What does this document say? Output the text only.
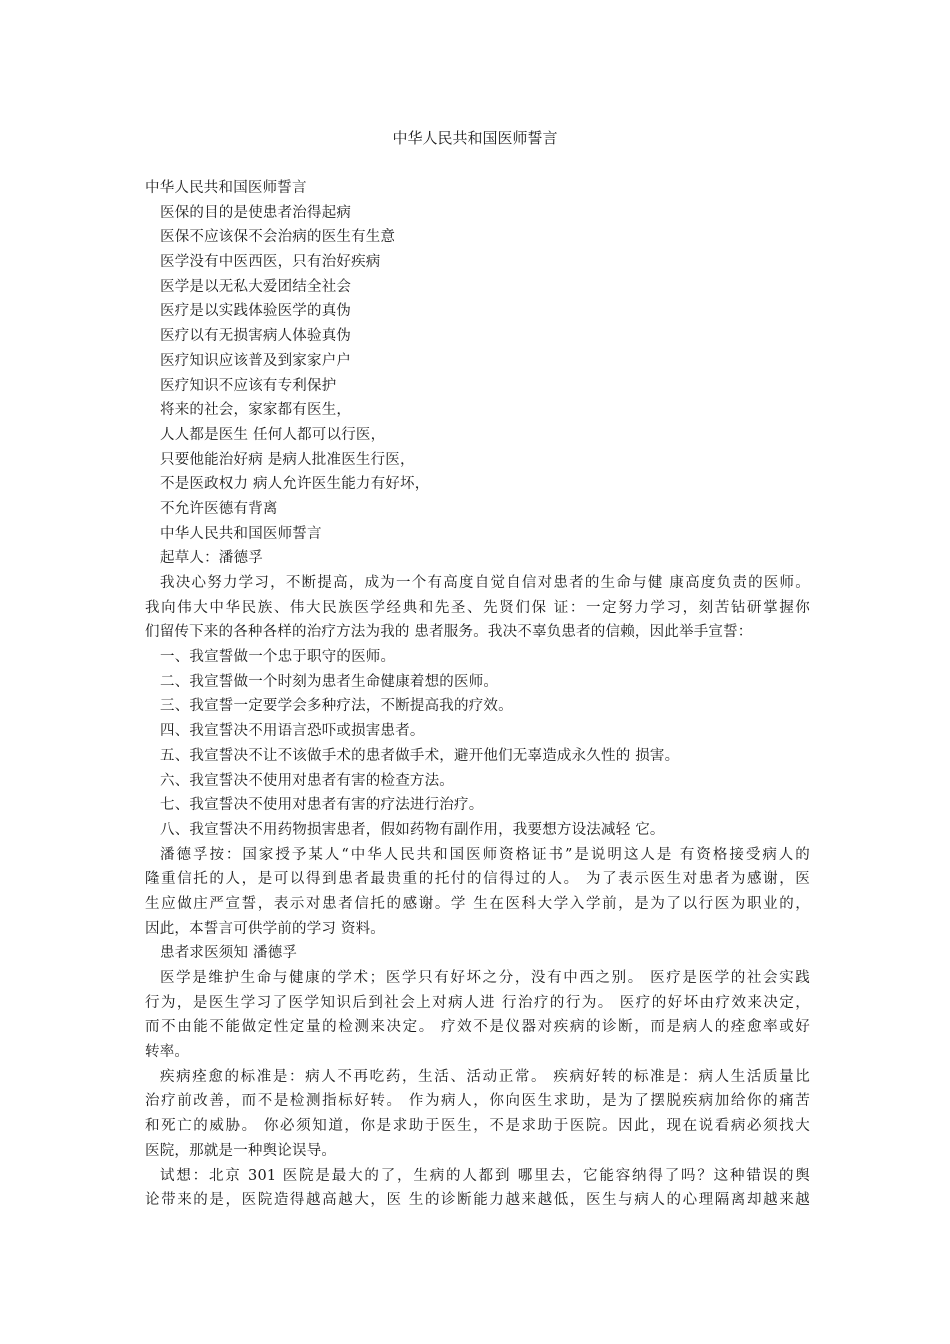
中华人民共和国医师誓言
中华人民共和国医师誓言
医保的目的是使患者治得起病
医保不应该保不会治病的医生有生意
医学没有中医西医，只有治好疾病
医学是以无私大爱团结全社会
医疗是以实践体验医学的真伪
医疗以有无损害病人体验真伪
医疗知识应该普及到家家户户
医疗知识不应该有专利保护
将来的社会，家家都有医生，
人人都是医生 任何人都可以行医，
只要他能治好病 是病人批准医生行医，
不是医政权力 病人允许医生能力有好坏，
不允许医德有背离
中华人民共和国医师誓言
起草人：潘德孚
我决心努力学习，不断提高，成为一个有高度自觉自信对患者的生命与健 康高度负责的医师。
我向伟大中华民族、伟大民族医学经典和先圣、先贤们保 证：一定努力学习，刻苦钻研掌握你
们留传下来的各种各样的治疗方法为我的 患者服务。我决不辜负患者的信赖，因此举手宣誓：
一、我宣誓做一个忠于职守的医师。
二、我宣誓做一个时刻为患者生命健康着想的医师。
三、我宣誓一定要学会多种疗法，不断提高我的疗效。
四、我宣誓决不用语言恐吓或损害患者。
五、我宣誓决不让不该做手术的患者做手术，避开他们无辜造成永久性的 损害。
六、我宣誓决不使用对患者有害的检查方法。
七、我宣誓决不使用对患者有害的疗法进行治疗。
八、我宣誓决不用药物损害患者，假如药物有副作用，我要想方设法减轻 它。
潘德孚按：国家授予某人“中华人民共和国医师资格证书”是说明这人是 有资格接受病人的
隆重信托的人，是可以得到患者最贵重的托付的信得过的人。 为了表示医生对患者为感谢，医
生应做庄严宣誓，表示对患者信托的感谢。学 生在医科大学入学前，是为了以行医为职业的，
因此，本誓言可供学前的学习 资料。
患者求医须知 潘德孚
医学是维护生命与健康的学术；医学只有好坏之分，没有中西之别。 医疗是医学的社会实践
行为，是医生学习了医学知识后到社会上对病人进 行治疗的行为。 医疗的好坏由疗效来决定，
而不由能不能做定性定量的检测来决定。 疗效不是仪器对疾病的诊断，而是病人的痊愈率或好
转率。
疾病痊愈的标准是：病人不再吃药，生活、活动正常。 疾病好转的标准是：病人生活质量比
治疗前改善，而不是检测指标好转。 作为病人，你向医生求助，是为了摆脱疾病加给你的痛苦
和死亡的威胁。 你必须知道，你是求助于医生，不是求助于医院。因此，现在说看病必须找大
医院，那就是一种舆论误导。
试想：北京 301 医院是最大的了，生病的人都到 哪里去，它能容纳得了吗？这种错误的舆
论带来的是，医院造得越高越大，医 生的诊断能力越来越低，医生与病人的心理隔离却越来越
